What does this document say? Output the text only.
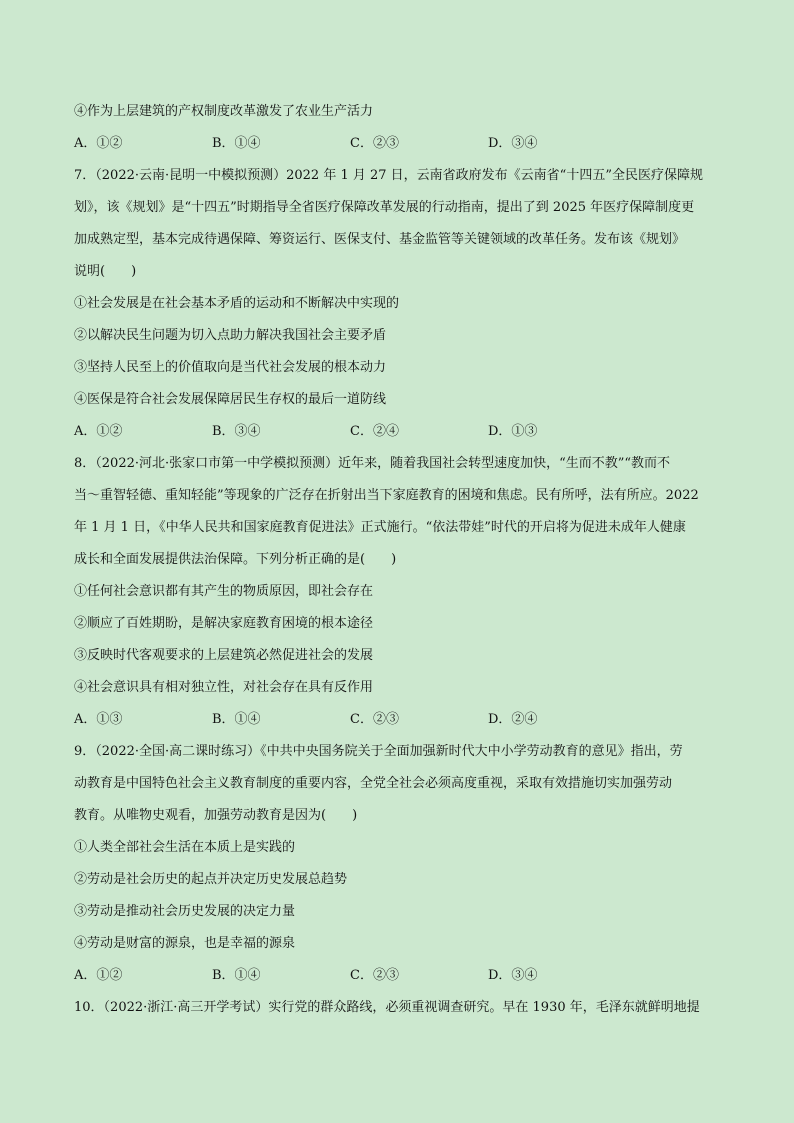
④作为上层建筑的产权制度改革激发了农业生产活力
A．①②	B．①④	C．②③	D．③④
7．（2022·云南·昆明一中模拟预测）2022 年 1 月 27 日，云南省政府发布《云南省“十四五”全民医疗保障规
划》，该《规划》是“十四五”时期指导全省医疗保障改革发展的行动指南，提出了到 2025 年医疗保障制度更
加成熟定型，基本完成待遇保障、筹资运行、医保支付、基金监管等关键领域的改革任务。发布该《规划》
说明(　　)
①社会发展是在社会基本矛盾的运动和不断解决中实现的
②以解决民生问题为切入点助力解决我国社会主要矛盾
③坚持人民至上的价值取向是当代社会发展的根本动力
④医保是符合社会发展保障居民生存权的最后一道防线
A．①②	B．③④	C．②④	D．①③
8．（2022·河北·张家口市第一中学模拟预测）近年来，随着我国社会转型速度加快，“生而不教”“教而不
当～重智轻德、重知轻能”等现象的广泛存在折射出当下家庭教育的困境和焦虑。民有所呼，法有所应。2022
年 1 月 1 日，《中华人民共和国家庭教育促进法》正式施行。“依法带娃”时代的开启将为促进未成年人健康
成长和全面发展提供法治保障。下列分析正确的是(　　)
①任何社会意识都有其产生的物质原因，即社会存在
②顺应了百姓期盼，是解决家庭教育困境的根本途径
③反映时代客观要求的上层建筑必然促进社会的发展
④社会意识具有相对独立性，对社会存在具有反作用
A．①③	B．①④	C．②③	D．②④
9．（2022·全国·高二课时练习）《中共中央国务院关于全面加强新时代大中小学劳动教育的意见》指出，劳
动教育是中国特色社会主义教育制度的重要内容，全党全社会必须高度重视，采取有效措施切实加强劳动
教育。从唯物史观看，加强劳动教育是因为(　　)
①人类全部社会生活在本质上是实践的
②劳动是社会历史的起点并决定历史发展总趋势
③劳动是推动社会历史发展的决定力量
④劳动是财富的源泉，也是幸福的源泉
A．①②	B．①④	C．②③	D．③④
10．（2022·浙江·高三开学考试）实行党的群众路线，必须重视调查研究。早在 1930 年，毛泽东就鲜明地提
